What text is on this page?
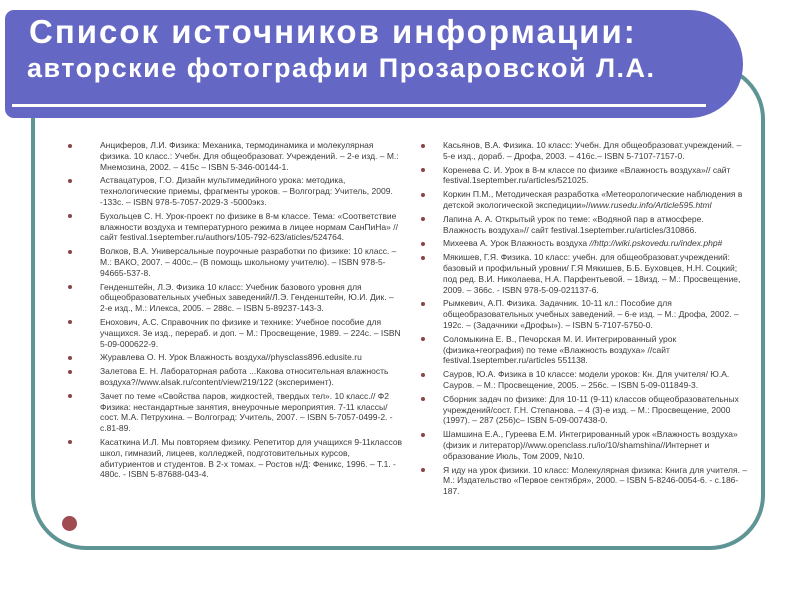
Список источников информации:
авторские фотографии Прозаровской Л.А.
Анциферов, Л.И. Физика: Механика, термодинамика и молекулярная физика. 10 класс.: Учебн. Для общеобразоват. Учреждений. – 2-е изд. – М.: Мнемозина, 2002. – 415с – ISBN 5-346-00144-1.
Аствацатуров, Г.О. Дизайн мультимедийного урока: методика, технологические приемы, фрагменты уроков. – Волгоград: Учитель, 2009. -133с. – ISBN 978-5-7057-2029-3 -5000экз.
Бухольцев С. Н. Урок-проект по физике в 8-м классе. Тема: «Соответствие влажности воздуха и температурного режима в лицее нормам СанПиНа» // сайт festival.1september.ru/authors/105-792-623/aticles/524764.
Волков, В.А. Универсальные поурочные разработки по физике: 10 класс. – М.: ВАКО, 2007. – 400с.– (В помощь школьному учителю). – ISBN 978-5-94665-537-8.
Генденштейн, Л.Э. Физика 10 класс: Учебник базового уровня для общеобразовательных учебных заведений/Л.Э. Генденштейн, Ю.И. Дик. – 2-е изд., М.: Илекса, 2005. – 288с. – ISBN 5-89237-143-3.
Енохович, А.С. Справочник по физике и технике: Учебное пособие для учащихся. 3е изд., перераб. и доп. – М.: Просвещение, 1989. – 224с. – ISBN 5-09-000622-9.
Журавлева О. Н. Урок Влажность воздуха//physclass896.edusite.ru
Залетова Е. Н. Лабораторная работа ...Какова относительная влажность воздуха?//www.alsak.ru/content/view/219/122 (эксперимент).
Зачет по теме «Свойства паров, жидкостей, твердых тел». 10 класс.// Ф2 Физика: нестандартные занятия, внеурочные мероприятия. 7-11 классы/сост. М.А. Петрухина. – Волгоград: Учитель, 2007. – ISBN 5-7057-0499-2. - с.81-89.
Касаткина И.Л. Мы повторяем физику. Репетитор для учащихся 9-11классов школ, гимназий, лицеев, колледжей, подготовительных курсов, абитуриентов и студентов. В 2-х томах. – Ростов н/Д: Феникс, 1996. – Т.1. - 480с. - ISBN 5-87688-043-4.
Касьянов, В.А. Физика. 10 класс: Учебн. Для общеобразоват.учреждений. – 5-е изд., дораб. – Дрофа, 2003. – 416с.– ISBN 5-7107-7157-0.
Коренева С. И. Урок в 8-м классе по физике «Влажность воздуха»// сайт festival.1september.ru/articles/521025.
Коркин П.М., Методическая разработка «Метеорологические наблюдения в детской экологической экспедиции»//www.rusedu.info/Article595.html
Лапина А. А. Открытый урок по теме: «Водяной пар в атмосфере. Влажность воздуха»// сайт festival.1september.ru/articles/310866.
Михеева А. Урок Влажность воздуха //http://wiki.pskovedu.ru/index.php#
Мякишев, Г.Я. Физика. 10 класс: учебн. для общеобразоват.учреждений: базовый и профильный уровни/ Г.Я Мякишев, Б.Б. Буховцев, Н.Н. Соцкий; под ред. В.И. Николаева, Н.А. Парфентьевой. – 18изд. – М.: Просвещение, 2009. – 366с. - ISBN 978-5-09-021137-6.
Рымкевич, А.П. Физика. Задачник. 10-11 кл.: Пособие для общеобразовательных учебных заведений. – 6-е изд. – М.: Дрофа, 2002. – 192с. – (Задачники «Дрофы»). – ISBN 5-7107-5750-0.
Соломыкина Е. В., Печорская М. И. Интегрированный урок (физика+география) по теме «Влажность воздуха» //сайт festival.1september.ru/articles 551138.
Сауров, Ю.А. Физика в 10 классе: модели уроков: Кн. Для учителя/ Ю.А. Сауров. – М.: Просвещение, 2005. – 256с. – ISBN 5-09-011849-3.
Сборник задач по физике: Для 10-11 (9-11) классов общеобразовательных учреждений/сост. Г.Н. Степанова. – 4 (3)-е изд. – М.: Просвещение, 2000 (1997). – 287 (256)с– ISBN 5-09-007438-0.
Шамшина Е.А., Гуреева Е.М. Интегрированный урок «Влажность воздуха» (физик и литератор)//www.openclass.ru/io/10/shamshina//Интернет и образование Июль, Том 2009, №10.
Я иду на урок физики. 10 класс: Молекулярная физика: Книга для учителя. – М.: Издательство «Первое сентября», 2000. – ISBN 5-8246-0054-6. - с.186-187.
